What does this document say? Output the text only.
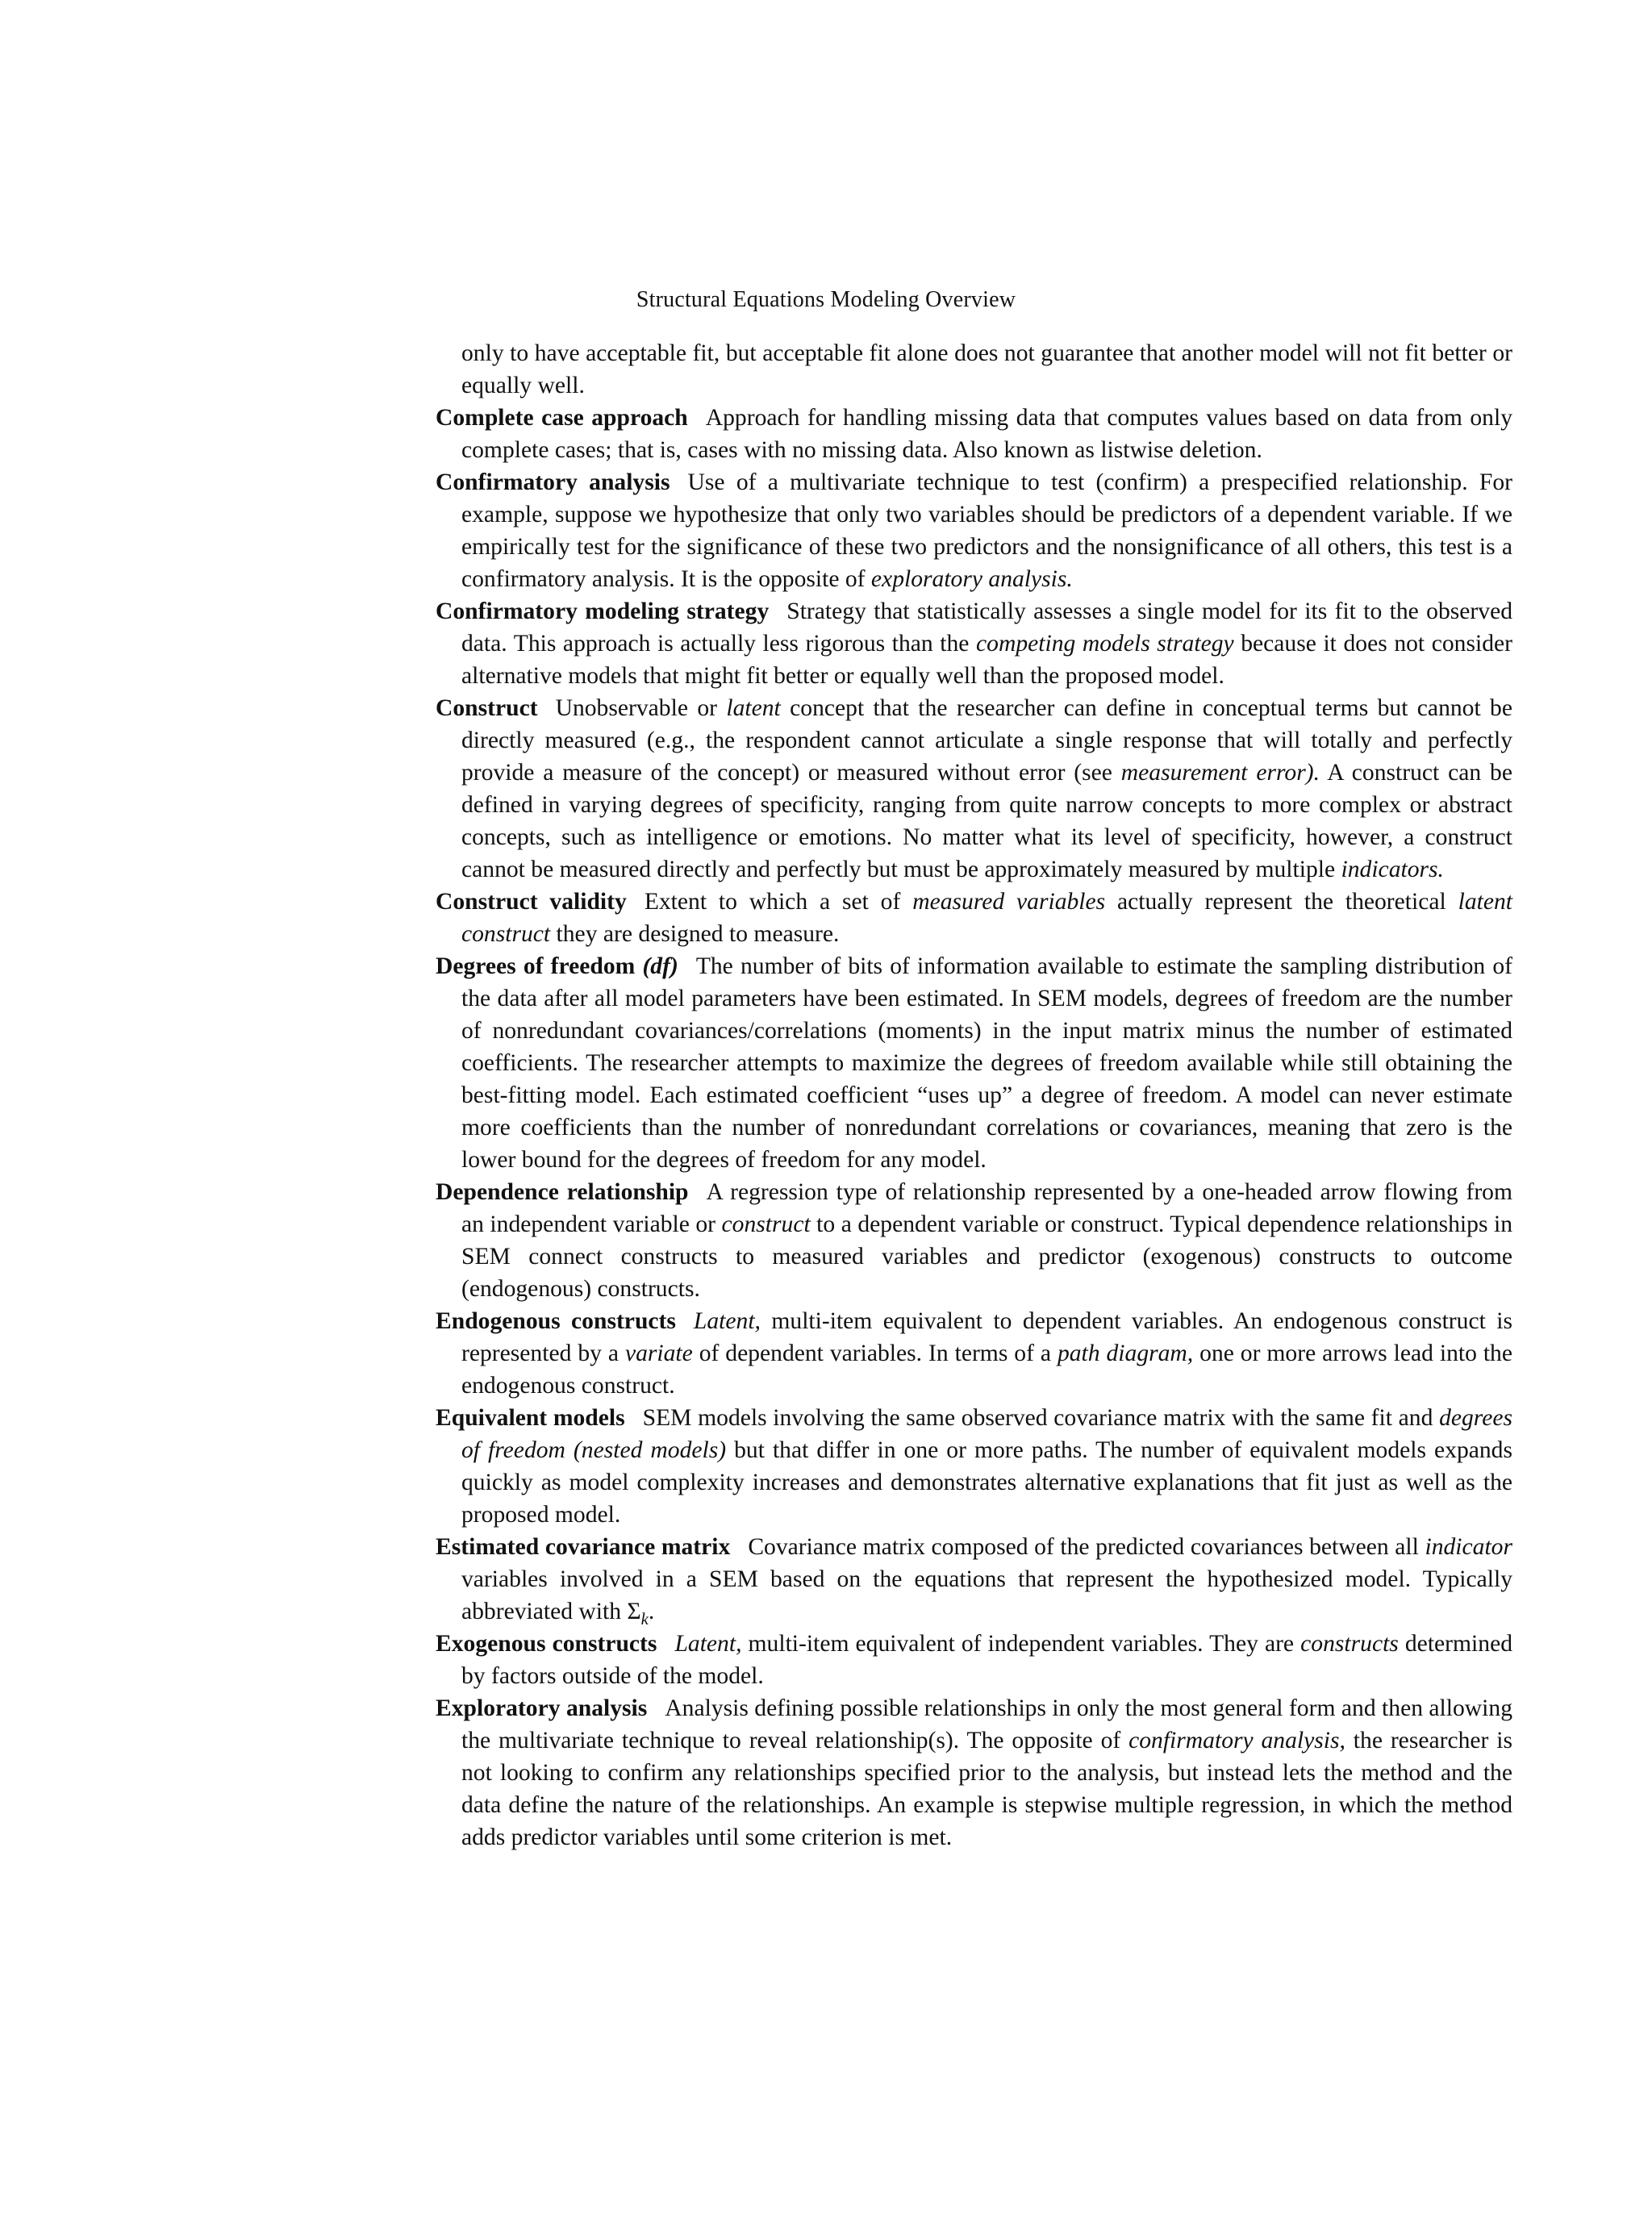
Structural Equations Modeling Overview

only to have acceptable fit, but acceptable fit alone does not guarantee that another model will not fit better or equally well.

Complete case approach Approach for handling missing data that computes values based on data from only complete cases; that is, cases with no missing data. Also known as listwise deletion.

Confirmatory analysis Use of a multivariate technique to test (confirm) a prespecified relationship. For example, suppose we hypothesize that only two variables should be predictors of a dependent variable. If we empirically test for the significance of these two predictors and the nonsignificance of all others, this test is a confirmatory analysis. It is the opposite of exploratory analysis.

Confirmatory modeling strategy Strategy that statistically assesses a single model for its fit to the observed data. This approach is actually less rigorous than the competing models strategy because it does not consider alternative models that might fit better or equally well than the proposed model.

Construct Unobservable or latent concept that the researcher can define in conceptual terms but cannot be directly measured (e.g., the respondent cannot articulate a single response that will totally and perfectly provide a measure of the concept) or measured without error (see measurement error). A construct can be defined in varying degrees of specificity, ranging from quite narrow concepts to more complex or abstract concepts, such as intelligence or emotions. No matter what its level of specificity, however, a construct cannot be measured directly and perfectly but must be approximately measured by multiple indicators.

Construct validity Extent to which a set of measured variables actually represent the theoretical latent construct they are designed to measure.

Degrees of freedom (df) The number of bits of information available to estimate the sampling distribution of the data after all model parameters have been estimated. In SEM models, degrees of freedom are the number of nonredundant covariances/correlations (moments) in the input matrix minus the number of estimated coefficients. The researcher attempts to maximize the degrees of freedom available while still obtaining the best-fitting model. Each estimated coefficient “uses up” a degree of freedom. A model can never estimate more coefficients than the number of nonredundant correlations or covariances, meaning that zero is the lower bound for the degrees of freedom for any model.

Dependence relationship A regression type of relationship represented by a one-headed arrow flowing from an independent variable or construct to a dependent variable or construct. Typical dependence relationships in SEM connect constructs to measured variables and predictor (exogenous) constructs to outcome (endogenous) constructs.

Endogenous constructs Latent, multi-item equivalent to dependent variables. An endogenous construct is represented by a variate of dependent variables. In terms of a path diagram, one or more arrows lead into the endogenous construct.

Equivalent models SEM models involving the same observed covariance matrix with the same fit and degrees of freedom (nested models) but that differ in one or more paths. The number of equivalent models expands quickly as model complexity increases and demonstrates alternative explanations that fit just as well as the proposed model.

Estimated covariance matrix Covariance matrix composed of the predicted covariances between all indicator variables involved in a SEM based on the equations that represent the hypothesized model. Typically abbreviated with $\Sigma_k$.

Exogenous constructs Latent, multi-item equivalent of independent variables. They are constructs determined by factors outside of the model.

Exploratory analysis Analysis defining possible relationships in only the most general form and then allowing the multivariate technique to reveal relationship(s). The opposite of confirmatory analysis, the researcher is not looking to confirm any relationships specified prior to the analysis, but instead lets the method and the data define the nature of the relationships. An example is stepwise multiple regression, in which the method adds predictor variables until some criterion is met.
